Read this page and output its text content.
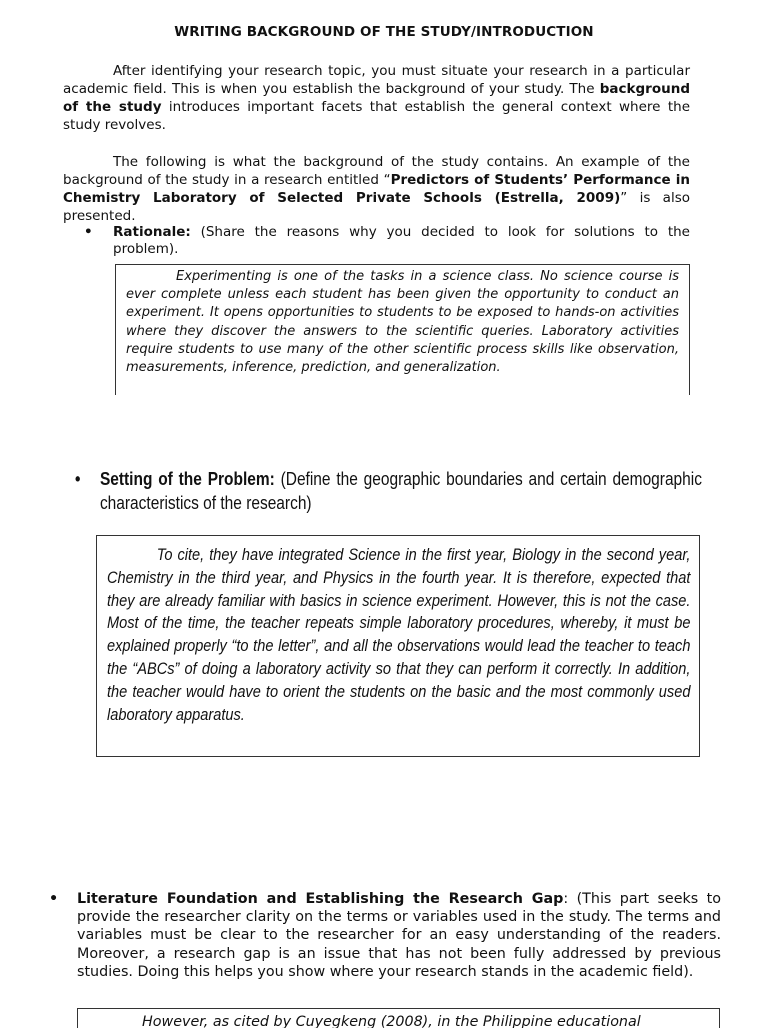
WRITING BACKGROUND OF THE STUDY/INTRODUCTION
After identifying your research topic, you must situate your research in a particular academic field. This is when you establish the background of your study. The background of the study introduces important facets that establish the general context where the study revolves.
The following is what the background of the study contains. An example of the background of the study in a research entitled “Predictors of Students’ Performance in Chemistry Laboratory of Selected Private Schools (Estrella, 2009)” is also presented.
• Rationale: (Share the reasons why you decided to look for solutions to the problem).
Experimenting is one of the tasks in a science class. No science course is ever complete unless each student has been given the opportunity to conduct an experiment. It opens opportunities to students to be exposed to hands-on activities where they discover the answers to the scientific queries. Laboratory activities require students to use many of the other scientific process skills like observation, measurements, inference, prediction, and generalization.
• Setting of the Problem: (Define the geographic boundaries and certain demographic characteristics of the research)
To cite, they have integrated Science in the first year, Biology in the second year, Chemistry in the third year, and Physics in the fourth year. It is therefore, expected that they are already familiar with basics in science experiment. However, this is not the case. Most of the time, the teacher repeats simple laboratory procedures, whereby, it must be explained properly “to the letter”, and all the observations would lead the teacher to teach the “ABCs” of doing a laboratory activity so that they can perform it correctly. In addition, the teacher would have to orient the students on the basic and the most commonly used laboratory apparatus.
• Literature Foundation and Establishing the Research Gap: (This part seeks to provide the researcher clarity on the terms or variables used in the study. The terms and variables must be clear to the researcher for an easy understanding of the readers. Moreover, a research gap is an issue that has not been fully addressed by previous studies. Doing this helps you show where your research stands in the academic field).
However, as cited by Cuyegkeng (2008), in the Philippine educational
